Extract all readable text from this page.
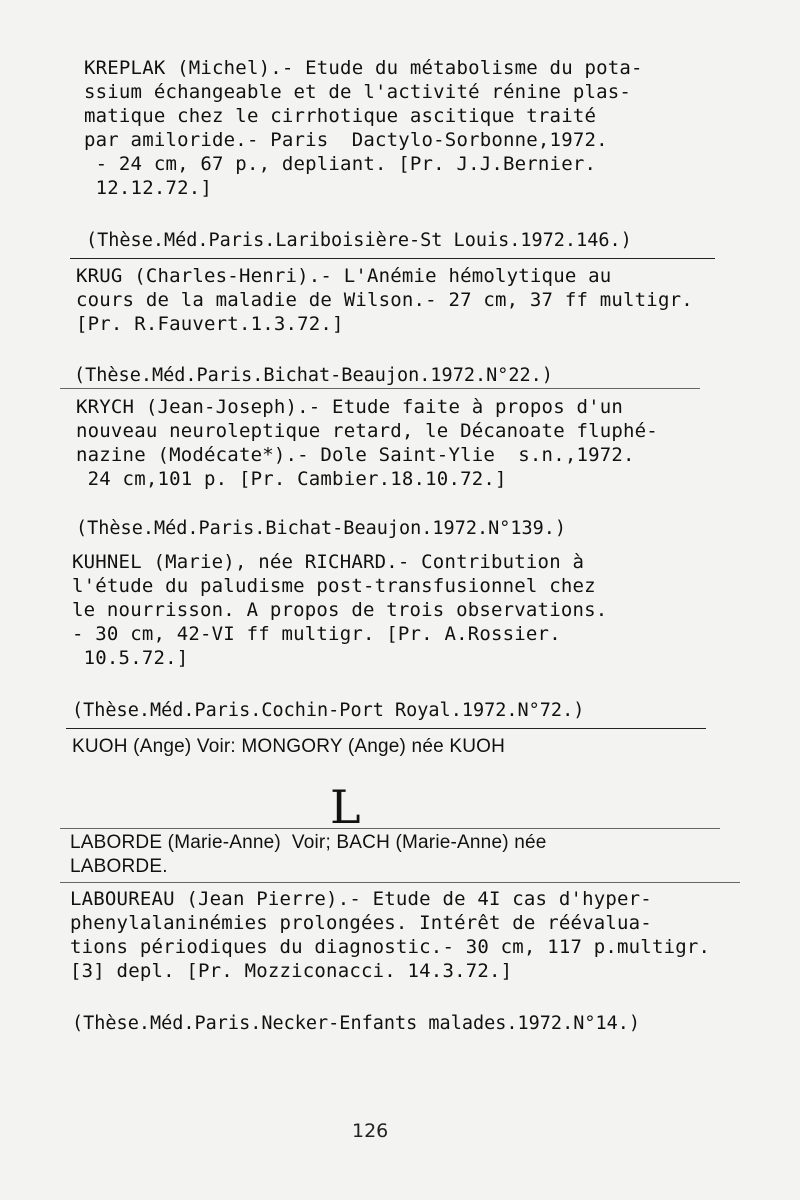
KREPLAK (Michel).- Etude du métabolisme du pota-
ssium échangeable et de l'activité rénine plas-
matique chez le cirrhotique ascitique traité
par amiloride.- Paris  Dactylo-Sorbonne,1972.
- 24 cm, 67 p., depliant. [Pr. J.J.Bernier.
12.12.72.]
(Thèse.Méd.Paris.Lariboisière-St Louis.1972.146.)
KRUG (Charles-Henri).- L'Anémie hémolytique au
cours de la maladie de Wilson.- 27 cm, 37 ff multigr.
[Pr. R.Fauvert.1.3.72.]
(Thèse.Méd.Paris.Bichat-Beaujon.1972.N°22.)
KRYCH (Jean-Joseph).- Etude faite à propos d'un
nouveau neuroleptique retard, le Décanoate fluphé-
nazine (Modécate*).- Dole Saint-Ylie  s.n.,1972.
24 cm,101 p. [Pr. Cambier.18.10.72.]
(Thèse.Méd.Paris.Bichat-Beaujon.1972.N°139.)
KUHNEL (Marie), née RICHARD.- Contribution à
l'étude du paludisme post-transfusionnel chez
le nourrisson. A propos de trois observations.
- 30 cm, 42-VI ff multigr. [Pr. A.Rossier.
10.5.72.]
(Thèse.Méd.Paris.Cochin-Port Royal.1972.N°72.)
KUOH (Ange) Voir: MONGORY (Ange) née KUOH
L
LABORDE (Marie-Anne)  Voir; BACH (Marie-Anne) née
LABORDE.
LABOUREAU (Jean Pierre).- Etude de 4I cas d'hyper-
phenylalaninémies prolongées. Intérêt de réévalua-
tions périodiques du diagnostic.- 30 cm, 117 p.multigr.
[3] depl. [Pr. Mozziconacci. 14.3.72.]
(Thèse.Méd.Paris.Necker-Enfants malades.1972.N°14.)
126
